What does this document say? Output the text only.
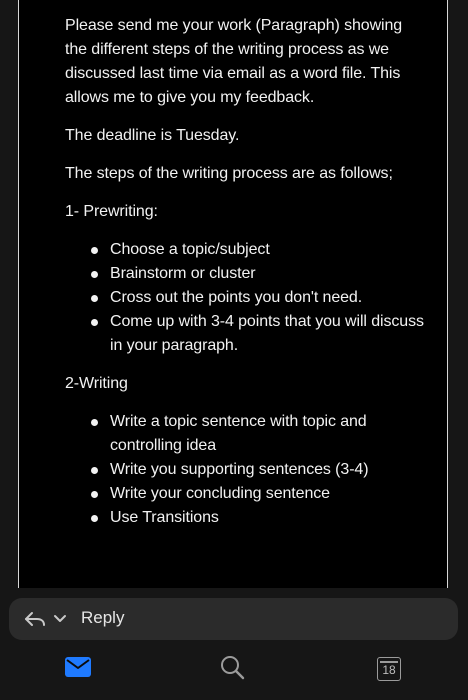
Please send me your work (Paragraph) showing the different steps of the writing process as we discussed last time via email as a word file. This allows me to give you my feedback.

The deadline is Tuesday.

The steps of the writing process are as follows;

1- Prewriting:

Choose a topic/subject
Brainstorm or cluster
Cross out the points you don't need.
Come up with 3-4 points that you will discuss in your paragraph.

2-Writing

Write a topic sentence with topic and controlling idea
Write you supporting sentences (3-4)
Write your concluding sentence
Use Transitions
Reply
18
